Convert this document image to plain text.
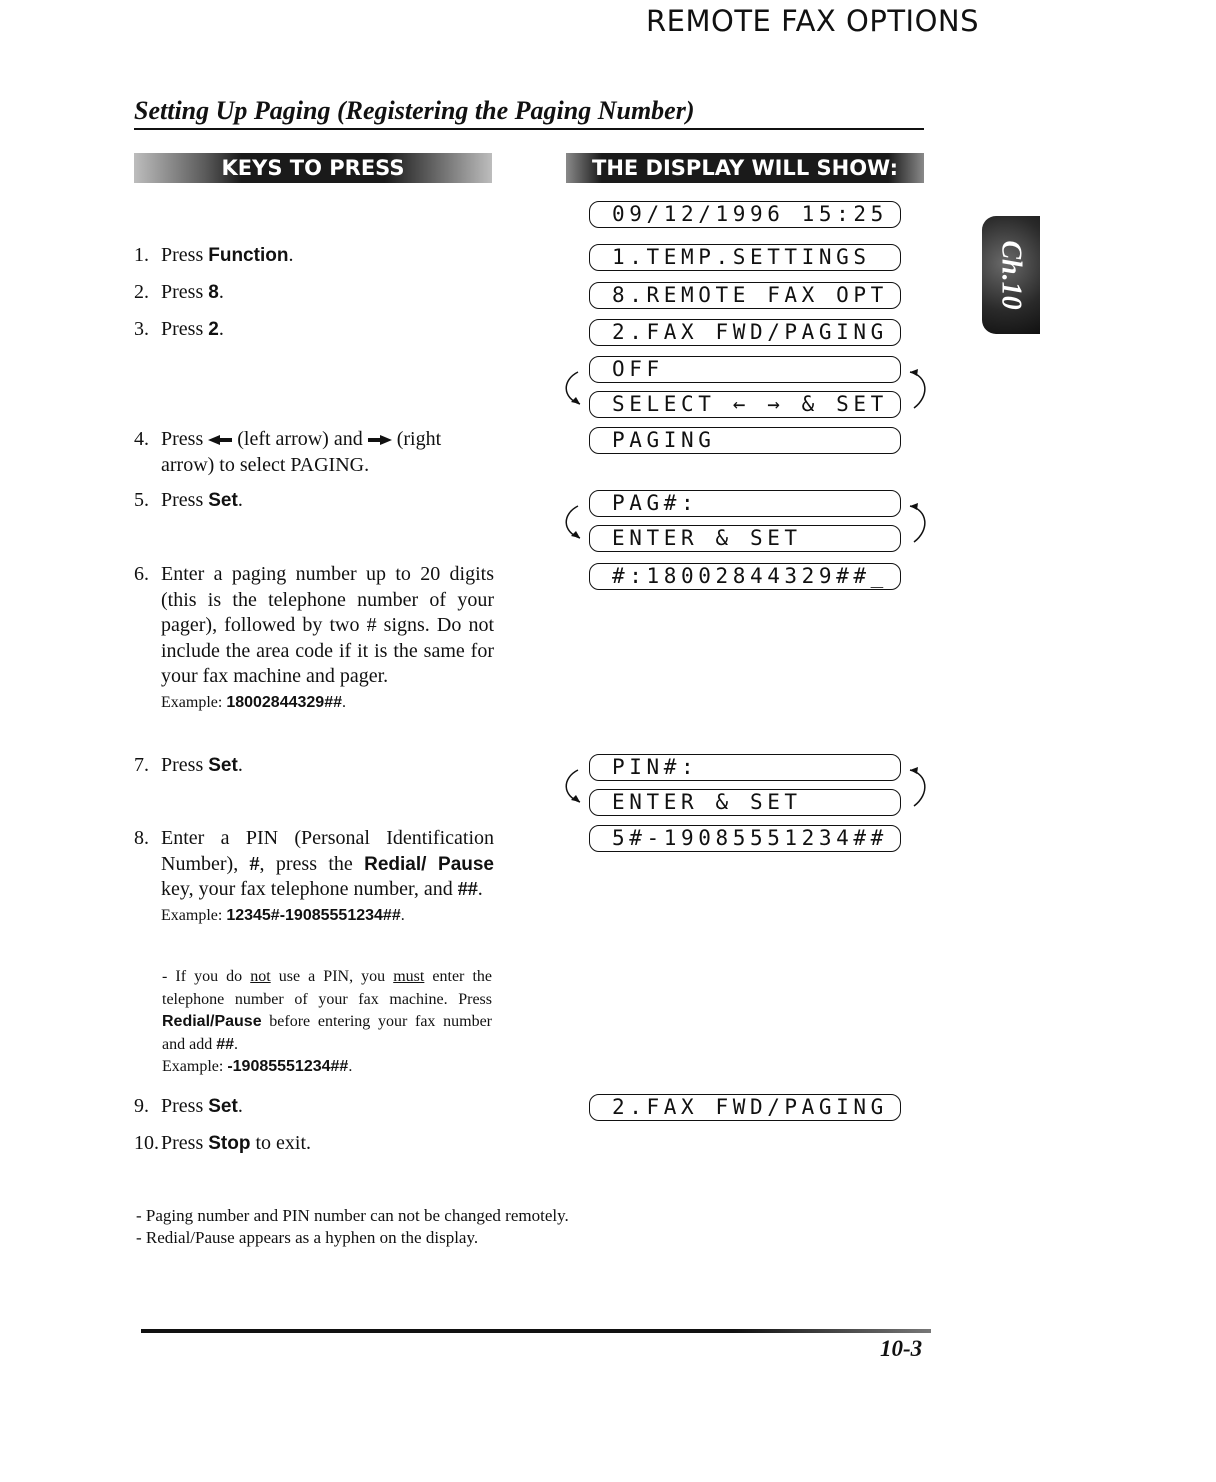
REMOTE FAX OPTIONS
Setting Up Paging (Registering the Paging Number)
KEYS TO PRESS	THE DISPLAY WILL SHOW:
Ch.10
1. Press Function.
2. Press 8.
3. Press 2.
4. Press  (left arrow) and  (right arrow) to select PAGING.
5. Press Set.
6. Enter a paging number up to 20 digits (this is the telephone number of your pager), followed by two # signs. Do not include the area code if it is the same for your fax machine and pager.
Example: 18002844329##.
7. Press Set.
8. Enter a PIN (Personal Identification Number), #, press the Redial/ Pause key, your fax telephone number, and ##.
Example: 12345#-19085551234##.
- If you do not use a PIN, you must enter the telephone number of your fax machine. Press Redial/Pause before entering your fax number and add ##.
Example: -19085551234##.
9. Press Set.
10. Press Stop to exit.
09/12/1996 15:25
1.TEMP.SETTINGS
8.REMOTE FAX OPT
2.FAX FWD/PAGING
OFF
SELECT ← → & SET
PAGING
PAG#:
ENTER & SET
#:18002844329##_
PIN#:
ENTER & SET
5#-19085551234##
2.FAX FWD/PAGING
- Paging number and PIN number can not be changed remotely.
- Redial/Pause appears as a hyphen on the display.
10-3
